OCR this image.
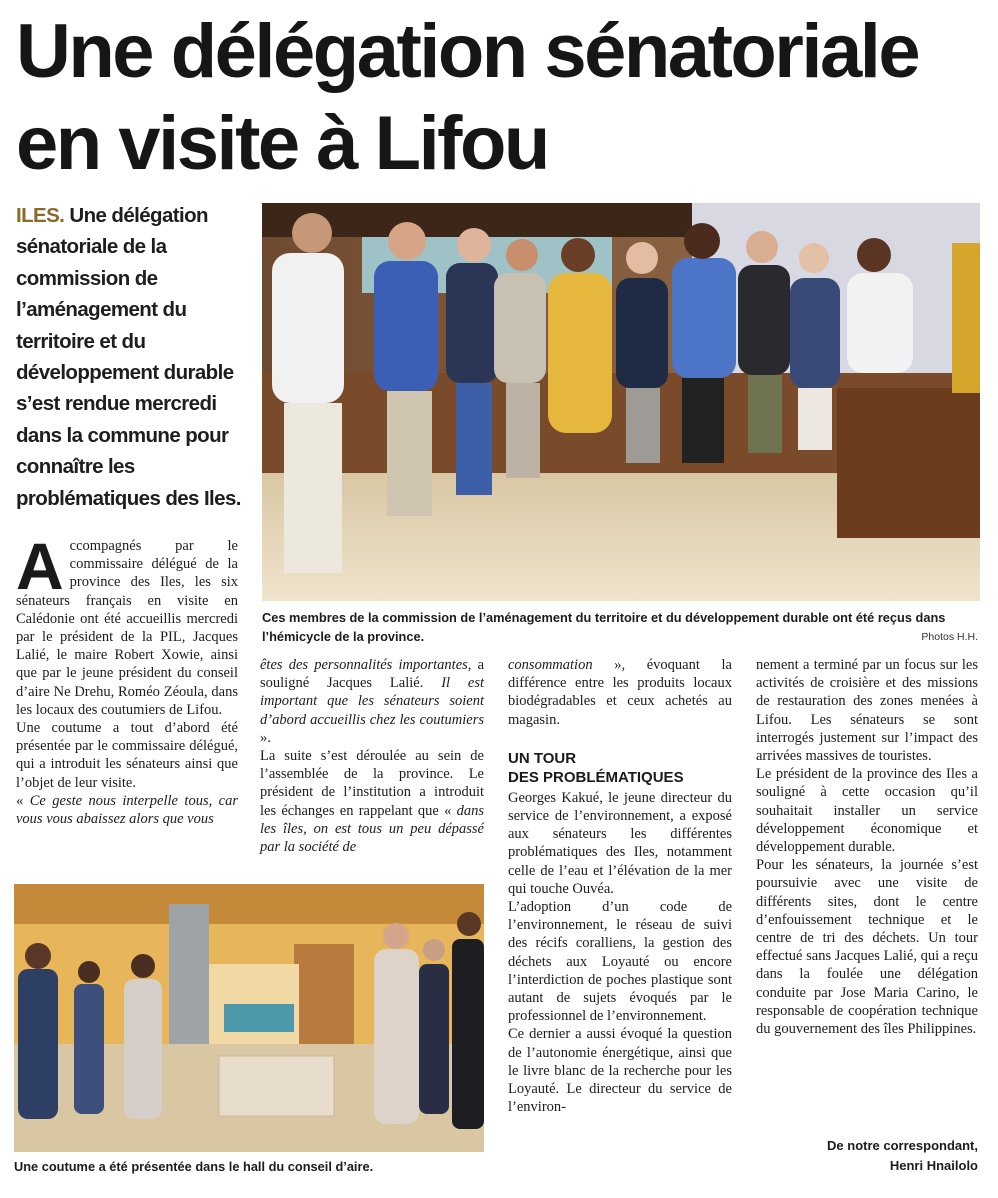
Une délégation sénatoriale
en visite à Lifou

ILES. Une délégation sénatoriale de la commission de l’aménagement du territoire et du développement durable s’est rendue mercredi dans la commune pour connaître les problématiques des Iles.

Ces membres de la commission de l’aménagement du territoire et du développement durable ont été reçus dans l’hémicycle de la province.	Photos H.H.

Accompagnés par le commissaire délégué de la province des Iles, les six sénateurs français en visite en Calédonie ont été accueillis mercredi par le président de la PIL, Jacques Lalié, le maire Robert Xowie, ainsi que par le jeune président du conseil d’aire Ne Drehu, Roméo Zéoula, dans les locaux des coutumiers de Lifou.

Une coutume a tout d’abord été présentée par le commissaire délégué, qui a introduit les sénateurs ainsi que l’objet de leur visite.

« Ce geste nous interpelle tous, car vous vous abaissez alors que vous

êtes des personnalités importantes, a souligné Jacques Lalié. Il est important que les sénateurs soient d’abord accueillis chez les coutumiers ».

La suite s’est déroulée au sein de l’assemblée de la province. Le président de l’institution a introduit les échanges en rappelant que « dans les îles, on est tous un peu dépassé par la société de

Une coutume a été présentée dans le hall du conseil d’aire.

consommation », évoquant la différence entre les produits locaux biodégradables et ceux achetés au magasin.

UN TOUR
DES PROBLÉMATIQUES

Georges Kakué, le jeune directeur du service de l’environnement, a exposé aux sénateurs les différentes problématiques des Iles, notamment celle de l’eau et l’élévation de la mer qui touche Ouvéa.

L’adoption d’un code de l’environnement, le réseau de suivi des récifs coralliens, la gestion des déchets aux Loyauté ou encore l’interdiction de poches plastique sont autant de sujets évoqués par le professionnel de l’environnement.

Ce dernier a aussi évoqué la question de l’autonomie énergétique, ainsi que le livre blanc de la recherche pour les Loyauté. Le directeur du service de l’environ-

nement a terminé par un focus sur les activités de croisière et des missions de restauration des zones menées à Lifou. Les sénateurs se sont interrogés justement sur l’impact des arrivées massives de touristes.

Le président de la province des Iles a souligné à cette occasion qu’il souhaitait installer un service développement économique et développement durable.

Pour les sénateurs, la journée s’est poursuivie avec une visite de différents sites, dont le centre d’enfouissement technique et le centre de tri des déchets. Un tour effectué sans Jacques Lalié, qui a reçu dans la foulée une délégation conduite par Jose Maria Carino, le responsable de coopération technique du gouvernement des îles Philippines.

De notre correspondant,

Henri Hnailolo
